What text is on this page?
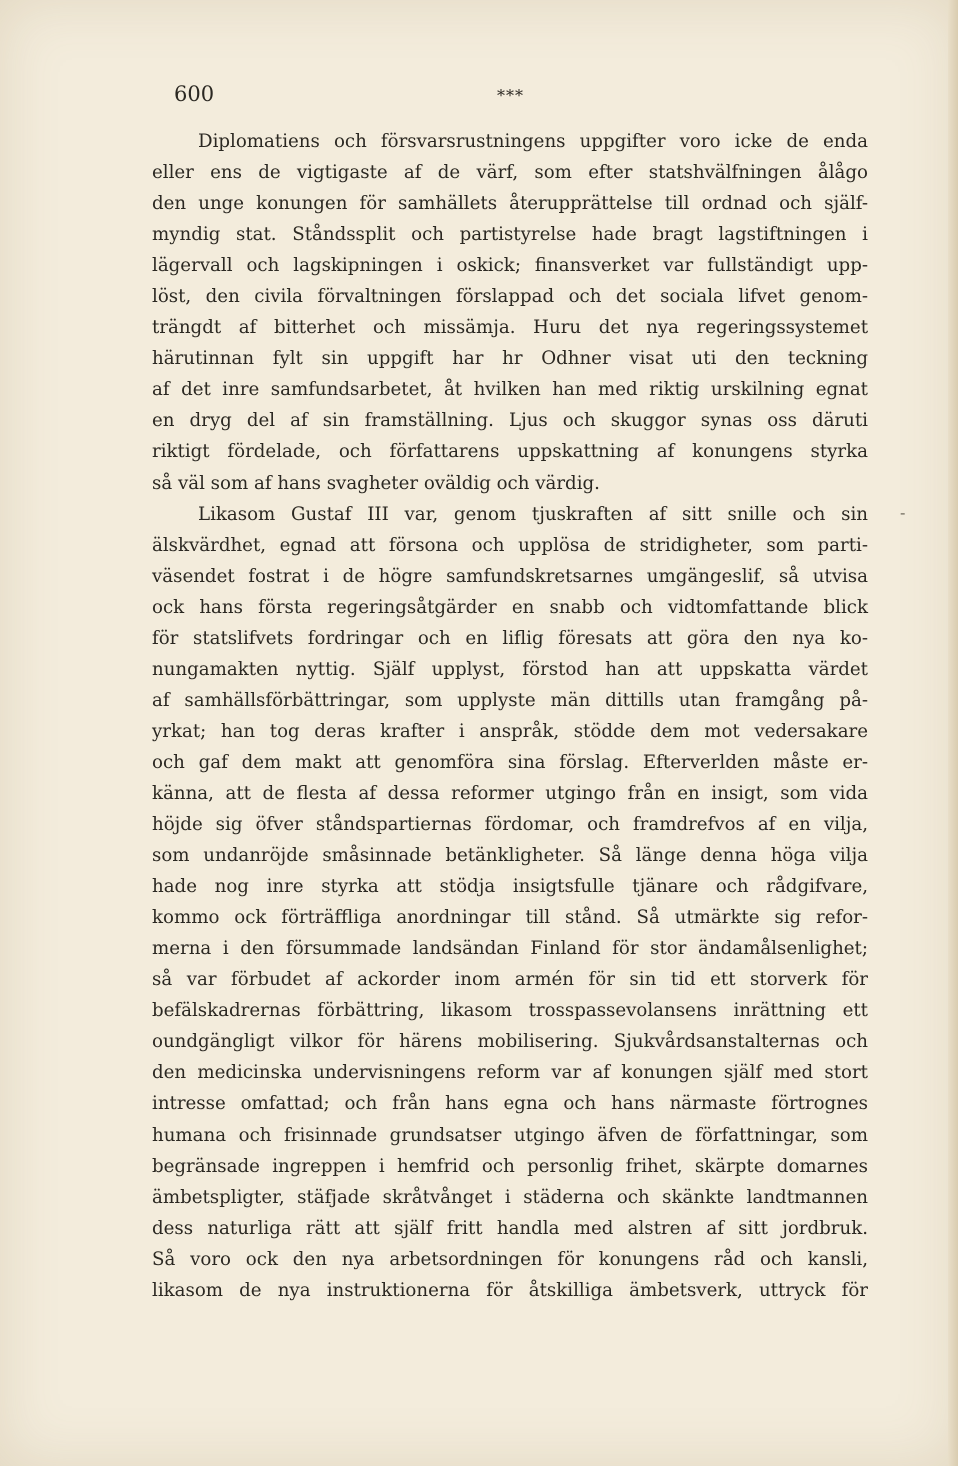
600	***
-
Diplomatiens och försvarsrustningens uppgifter voro icke de enda
eller ens de vigtigaste af de värf, som efter statshvälfningen ålågo
den unge konungen för samhällets återupprättelse till ordnad och själf-
myndig stat. Ståndssplit och partistyrelse hade bragt lagstiftningen i
lägervall och lagskipningen i oskick; finansverket var fullständigt upp-
löst, den civila förvaltningen förslappad och det sociala lifvet genom-
trängdt af bitterhet och missämja. Huru det nya regeringssystemet
härutinnan fylt sin uppgift har hr Odhner visat uti den teckning
af det inre samfundsarbetet, åt hvilken han med riktig urskilning egnat
en dryg del af sin framställning. Ljus och skuggor synas oss däruti
riktigt fördelade, och författarens uppskattning af konungens styrka
så väl som af hans svagheter oväldig och värdig.
Likasom Gustaf III var, genom tjuskraften af sitt snille och sin
älskvärdhet, egnad att försona och upplösa de stridigheter, som parti-
väsendet fostrat i de högre samfundskretsarnes umgängeslif, så utvisa
ock hans första regeringsåtgärder en snabb och vidtomfattande blick
för statslifvets fordringar och en liflig föresats att göra den nya ko-
nungamakten nyttig. Själf upplyst, förstod han att uppskatta värdet
af samhällsförbättringar, som upplyste män dittills utan framgång på-
yrkat; han tog deras krafter i anspråk, stödde dem mot vedersakare
och gaf dem makt att genomföra sina förslag. Efterverlden måste er-
känna, att de flesta af dessa reformer utgingo från en insigt, som vida
höjde sig öfver ståndspartiernas fördomar, och framdrefvos af en vilja,
som undanröjde småsinnade betänkligheter. Så länge denna höga vilja
hade nog inre styrka att stödja insigtsfulle tjänare och rådgifvare,
kommo ock förträffliga anordningar till stånd. Så utmärkte sig refor-
merna i den försummade landsändan Finland för stor ändamålsenlighet;
så var förbudet af ackorder inom armén för sin tid ett storverk för
befälskadrernas förbättring, likasom trosspassevolansens inrättning ett
oundgängligt vilkor för härens mobilisering. Sjukvårdsanstalternas och
den medicinska undervisningens reform var af konungen själf med stort
intresse omfattad; och från hans egna och hans närmaste förtrognes
humana och frisinnade grundsatser utgingo äfven de författningar, som
begränsade ingreppen i hemfrid och personlig frihet, skärpte domarnes
ämbetspligter, stäfjade skråtvånget i städerna och skänkte landtmannen
dess naturliga rätt att själf fritt handla med alstren af sitt jordbruk.
Så voro ock den nya arbetsordningen för konungens råd och kansli,
likasom de nya instruktionerna för åtskilliga ämbetsverk, uttryck för
